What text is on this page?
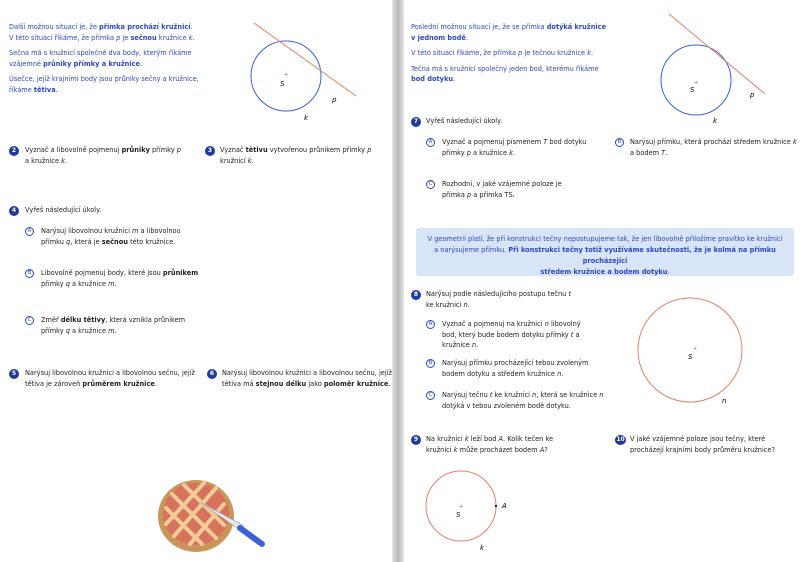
Další možnou situací je, že přímka prochází kružnicí.
V této situaci říkáme, že přímka p je sečnou kružnice k.
Sečna má s kružnicí společné dva body, kterým říkáme
vzájemné průniky přímky a kružnice.
Úsečce, jejíž krajními body jsou průniky sečny a kružnice,
říkáme tětiva.
+
S
p
k
2	Vyznač a libovolně pojmenuj průniky přímky p
a kružnice k.
3	Vyznač tětivu vytvořenou průnikem přímky p
kružnicí k.
4	Vyřeš následující úkoly.
A	Narýsuj libovolnou kružnici m a libovolnou
přímku q, která je sečnou této kružnice.
B	Libovolně pojmenuj body, které jsou průnikem
přímky q a kružnice m.
C	Změř délku tětivy, která vznikla průnikem
přímky q a kružnice m.
5	Narýsuj libovolnou kružnici a libovolnou sečnu, jejíž
tětiva je zároveň průměrem kružnice.
6	Narýsuj libovolnou kružnici a libovolnou sečnu, jejíž
tětiva má stejnou délku jako poloměr kružnice.
Poslední možnou situací je, že se přímka dotýká kružnice
v jednom bodě.
V této situaci říkáme, že přímka p je tečnou kružnice k.
Tečna má s kružnicí společný jeden bod, kterému říkáme
bod dotyku.	+
S
p
k
7	Vyřeš následující úkoly.
A	Vyznač a pojmenuj písmenem T bod dotyku
přímky p a kružnice k.
B	Narýsuj přímku, která prochází středem kružnice k
a bodem T.
C	Rozhodni, v jaké vzájemné poloze je
přímka p a přímka TS.
V geometrii platí, že při konstrukci tečny nepostupujeme tak, že jen libovolně přiložíme pravítko ke kružnici
a narýsujeme přímku. Při konstrukci tečny totiž využíváme skutečnosti, že je kolmá na přímku procházející
středem kružnice a bodem dotyku.
8	Narýsuj podle následujícího postupu tečnu t
ke kružnici n.
A	Vyznač a pojmenuj na kružnici n libovolný
bod, který bude bodem dotyku přímky t a
kružnice n.
B	Narýsuj přímku procházející tebou zvoleným
bodem dotyku a středem kružnice n.
C	Narýsuj tečnu t ke kružnici n, která se kružnice n
dotýká v tebou zvoleném bodě dotyku.
+
S
n
9	Na kružnici k leží bod A. Kolik tečen ke
kružnici k může procházet bodem A?
+
S
A
k
10 V jaké vzájemné poloze jsou tečny, které
procházejí krajními body průměru kružnice?
